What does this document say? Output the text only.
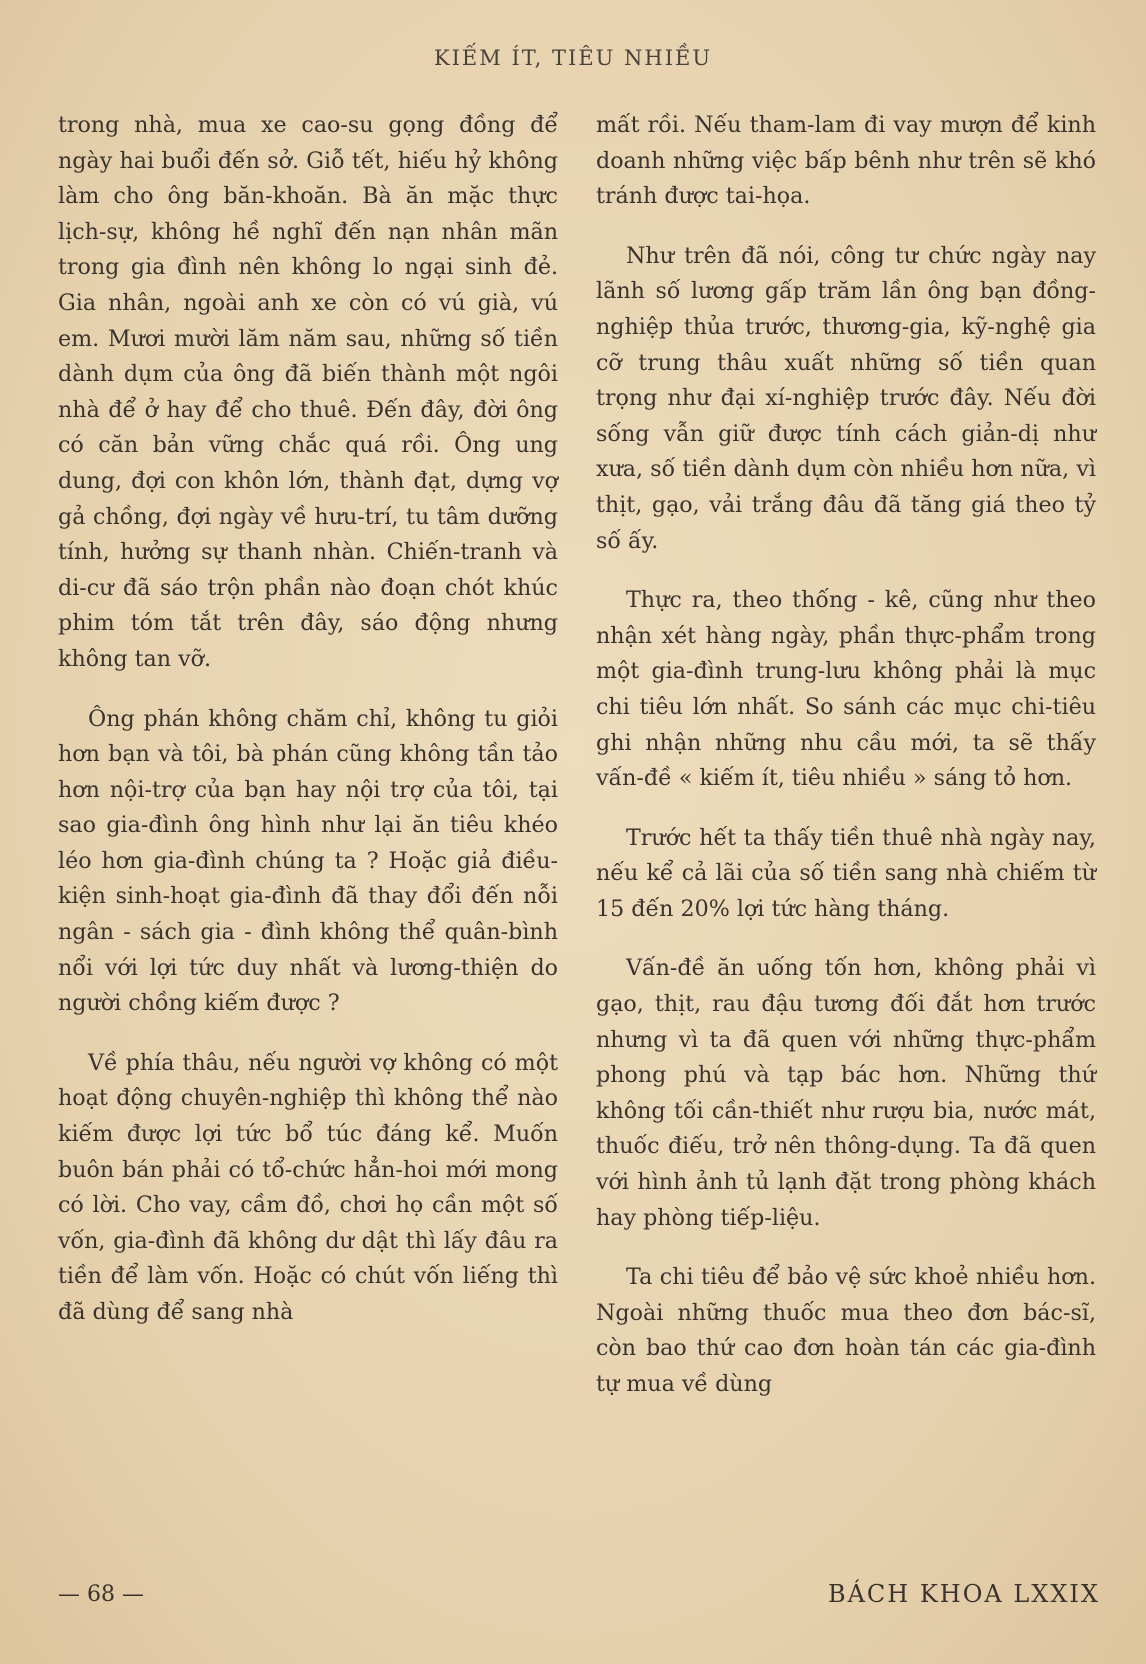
KIẾM ÍT, TIÊU NHIỀU

trong nhà, mua xe cao-su gọng đồng để ngày hai buổi đến sở. Giỗ tết, hiếu hỷ không làm cho ông băn-khoăn. Bà ăn mặc thực lịch-sự, không hề nghĩ đến nạn nhân mãn trong gia đình nên không lo ngại sinh đẻ. Gia nhân, ngoài anh xe còn có vú già, vú em. Mươi mười lăm năm sau, những số tiền dành dụm của ông đã biến thành một ngôi nhà để ở hay để cho thuê. Đến đây, đời ông có căn bản vững chắc quá rồi. Ông ung dung, đợi con khôn lớn, thành đạt, dựng vợ gả chồng, đợi ngày về hưu-trí, tu tâm dưỡng tính, hưởng sự thanh nhàn. Chiến-tranh và di-cư đã sáo trộn phần nào đoạn chót khúc phim tóm tắt trên đây, sáo động nhưng không tan vỡ.

Ông phán không chăm chỉ, không tu giỏi hơn bạn và tôi, bà phán cũng không tần tảo hơn nội-trợ của bạn hay nội trợ của tôi, tại sao gia-đình ông hình như lại ăn tiêu khéo léo hơn gia-đình chúng ta ? Hoặc giả điều-kiện sinh-hoạt gia-đình đã thay đổi đến nỗi ngân - sách gia - đình không thể quân-bình nổi với lợi tức duy nhất và lương-thiện do người chồng kiếm được ?

Về phía thâu, nếu người vợ không có một hoạt động chuyên-nghiệp thì không thể nào kiếm được lợi tức bổ túc đáng kể. Muốn buôn bán phải có tổ-chức hẳn-hoi mới mong có lời. Cho vay, cầm đồ, chơi họ cần một số vốn, gia-đình đã không dư dật thì lấy đâu ra tiền để làm vốn. Hoặc có chút vốn liếng thì đã dùng để sang nhà

mất rồi. Nếu tham-lam đi vay mượn để kinh doanh những việc bấp bênh như trên sẽ khó tránh được tai-họa.

Như trên đã nói, công tư chức ngày nay lãnh số lương gấp trăm lần ông bạn đồng-nghiệp thủa trước, thương-gia, kỹ-nghệ gia cỡ trung thâu xuất những số tiền quan trọng như đại xí-nghiệp trước đây. Nếu đời sống vẫn giữ được tính cách giản-dị như xưa, số tiền dành dụm còn nhiều hơn nữa, vì thịt, gạo, vải trắng đâu đã tăng giá theo tỷ số ấy.

Thực ra, theo thống - kê, cũng như theo nhận xét hàng ngày, phần thực-phẩm trong một gia-đình trung-lưu không phải là mục chi tiêu lớn nhất. So sánh các mục chi-tiêu ghi nhận những nhu cầu mới, ta sẽ thấy vấn-đề « kiếm ít, tiêu nhiều » sáng tỏ hơn.

Trước hết ta thấy tiền thuê nhà ngày nay, nếu kể cả lãi của số tiền sang nhà chiếm từ 15 đến 20% lợi tức hàng tháng.

Vấn-đề ăn uống tốn hơn, không phải vì gạo, thịt, rau đậu tương đối đắt hơn trước nhưng vì ta đã quen với những thực-phẩm phong phú và tạp bác hơn. Những thứ không tối cần-thiết như rượu bia, nước mát, thuốc điếu, trở nên thông-dụng. Ta đã quen với hình ảnh tủ lạnh đặt trong phòng khách hay phòng tiếp-liệu.

Ta chi tiêu để bảo vệ sức khoẻ nhiều hơn. Ngoài những thuốc mua theo đơn bác-sĩ, còn bao thứ cao đơn hoàn tán các gia-đình tự mua về dùng

— 68 —	BÁCH KHOA LXXIX
